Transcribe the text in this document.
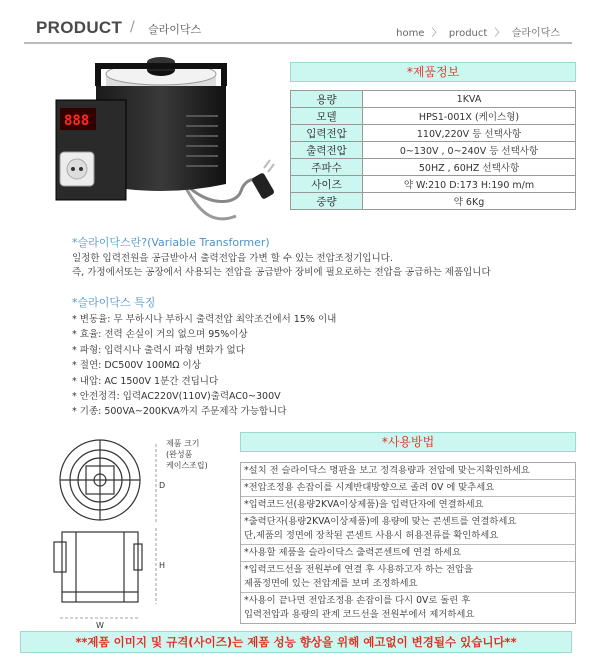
PRODUCT / 슬라이닥스	home 〉 product 〉 슬라이닥스
888
*제품정보
용량	1KVA
모델	HPS1-001X (케이스형)
입력전압	110V,220V 등 선택사항
출력전압	0~130V , 0~240V 등 선택사항
주파수	50HZ , 60HZ 선택사항
사이즈	약 W:210 D:173 H:190 m/m
중량	약 6Kg
*슬라이닥스란?(Variable Transformer)

일정한 입력전원을 공급받아서 출력전압을 가변 할 수 있는 전압조정기입니다.

즉, 가정에서또는 공장에서 사용되는 전압을 공급받아 장비에 필요로하는 전압을 공급하는 제품입니다

*슬라이닥스 특징
* 변동율: 무 부하시나 부하시 출력전압 최악조건에서 15% 이내
* 효율: 전력 손실이 거의 없으며 95%이상
* 파형: 입력시나 출력시 파형 변화가 없다
* 절연: DC500V 100MΩ 이상
* 내압: AC 1500V 1분간 견딥니다
* 안전정격: 입력AC220V(110V)출력AC0~300V
* 기종: 500VA~200KVA까지 주문제작 가능합니다
D
H
W
제품 크기
(완성품
케이스조립)
*사용방법
*설치 전 슬라이닥스 명판을 보고 정격용량과 전압에 맞는지확인하세요
*전압조정용 손잡이를 시계반대방향으로 졸려 0V 에 맞추세요
*입력코드선(용량2KVA이상제품)을 입력단자에 연결하세요
*출력단자(용량2KVA이상제품)에 용량에 맞는 콘센트를 연결하세요
단,제품의 정면에 장착된 콘센트 사용시 허용전류를 확인하세요
*사용할 제품을 슬라이닥스 출력콘센트에 연결 하세요
*입력코드선을 전원부에 연결 후 사용하고자 하는 전압을
제품정면에 있는 전압계를 보며 조정하세요
*사용이 끝나면 전압조정용 손잡이를 다시 0V로 돌린 후
입력전압과 용량의 관계 코드선을 전원부에서 제거하세요
**제품 이미지 및 규격(사이즈)는 제품 성능 향상을 위해 예고없이 변경될수 있습니다**
